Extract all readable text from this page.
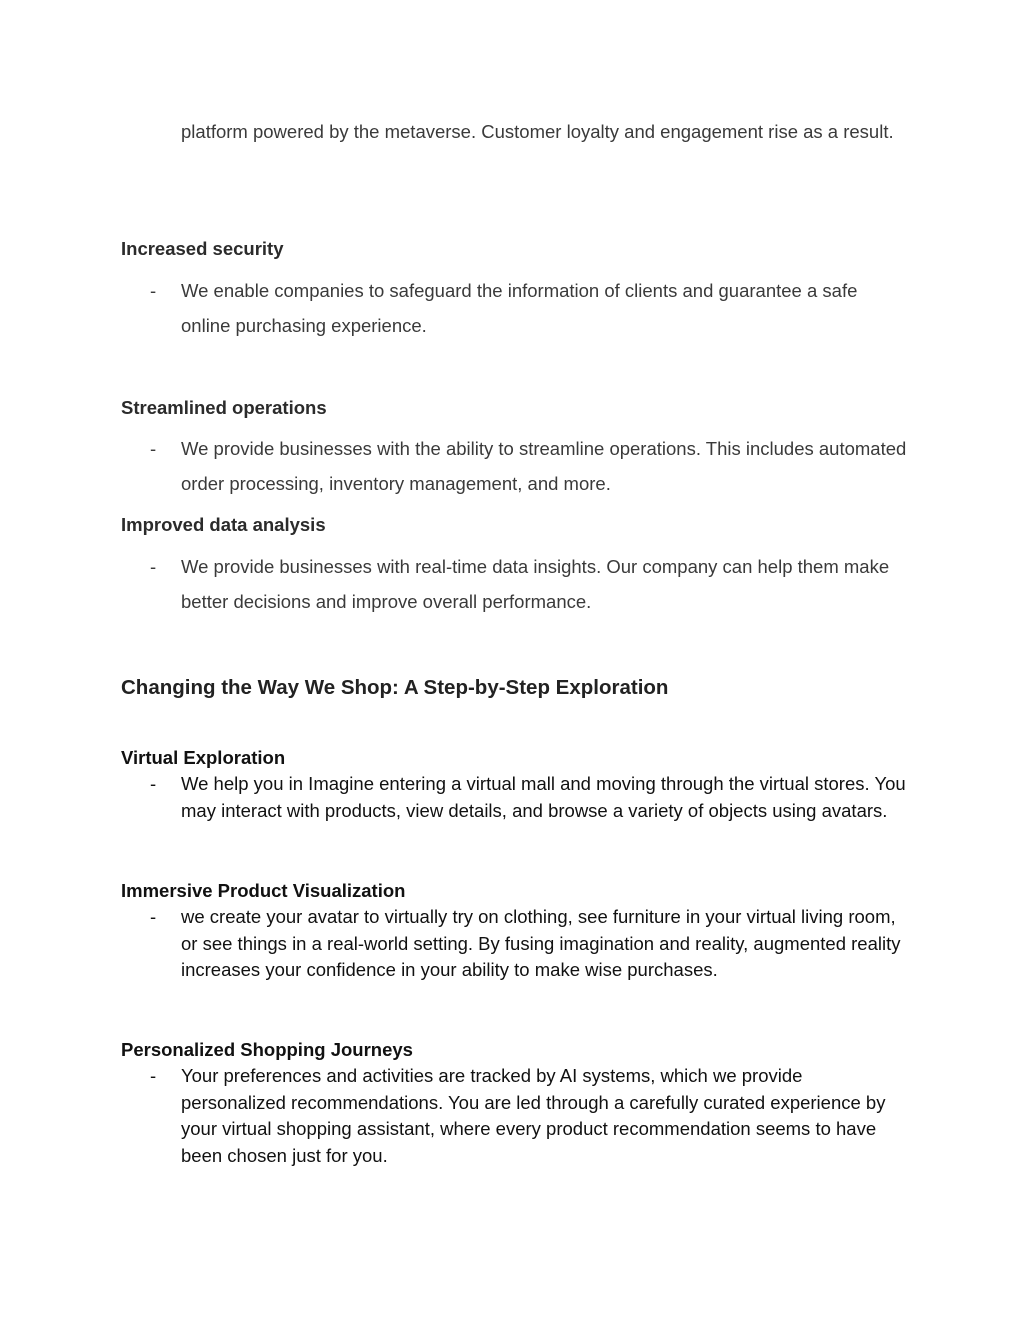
platform powered by the metaverse. Customer loyalty and engagement rise as a result.
Increased security
- We enable companies to safeguard the information of clients and guarantee a safe online purchasing experience.
Streamlined operations
- We provide businesses with the ability to streamline operations. This includes automated order processing, inventory management, and more.
Improved data analysis
- We provide businesses with real-time data insights. Our company can help them make better decisions and improve overall performance.
Changing the Way We Shop: A Step-by-Step Exploration
Virtual Exploration
- We help you in Imagine entering a virtual mall and moving through the virtual stores. You may interact with products, view details, and browse a variety of objects using avatars.
Immersive Product Visualization
- we create your avatar to virtually try on clothing, see furniture in your virtual living room, or see things in a real-world setting. By fusing imagination and reality, augmented reality increases your confidence in your ability to make wise purchases.
Personalized Shopping Journeys
- Your preferences and activities are tracked by AI systems, which we provide personalized recommendations. You are led through a carefully curated experience by your virtual shopping assistant, where every product recommendation seems to have been chosen just for you.
